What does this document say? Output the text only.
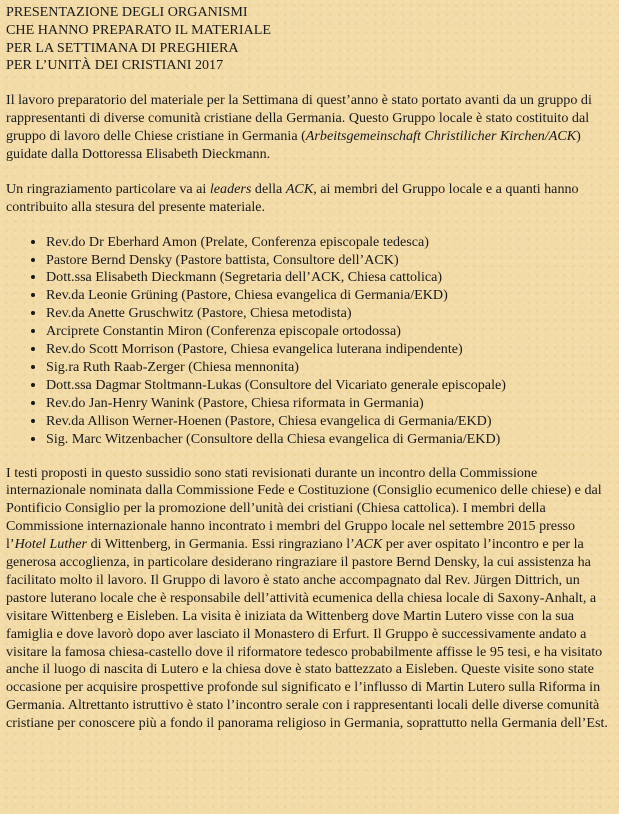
PRESENTAZIONE DEGLI ORGANISMI
CHE HANNO PREPARATO IL MATERIALE
PER LA SETTIMANA DI PREGHIERA
PER L’UNITÀ DEI CRISTIANI 2017

Il lavoro preparatorio del materiale per la Settimana di quest’anno è stato portato avanti da un gruppo di rappresentanti di diverse comunità cristiane della Germania. Questo Gruppo locale è stato costituito dal gruppo di lavoro delle Chiese cristiane in Germania (Arbeitsgemeinschaft Christilicher Kirchen/ACK) guidate dalla Dottoressa Elisabeth Dieckmann.

Un ringraziamento particolare va ai leaders della ACK, ai membri del Gruppo locale e a quanti hanno contribuito alla stesura del presente materiale.

• Rev.do Dr Eberhard Amon (Prelate, Conferenza episcopale tedesca)
• Pastore Bernd Densky (Pastore battista, Consultore dell’ACK)
• Dott.ssa Elisabeth Dieckmann (Segretaria dell’ACK, Chiesa cattolica)
• Rev.da Leonie Grüning (Pastore, Chiesa evangelica di Germania/EKD)
• Rev.da Anette Gruschwitz (Pastore, Chiesa metodista)
• Arciprete Constantin Miron (Conferenza episcopale ortodossa)
• Rev.do Scott Morrison (Pastore, Chiesa evangelica luterana indipendente)
• Sig.ra Ruth Raab-Zerger (Chiesa mennonita)
• Dott.ssa Dagmar Stoltmann-Lukas (Consultore del Vicariato generale episcopale)
• Rev.do Jan-Henry Wanink (Pastore, Chiesa riformata in Germania)
• Rev.da Allison Werner-Hoenen (Pastore, Chiesa evangelica di Germania/EKD)
• Sig. Marc Witzenbacher (Consultore della Chiesa evangelica di Germania/EKD)

I testi proposti in questo sussidio sono stati revisionati durante un incontro della Commissione internazionale nominata dalla Commissione Fede e Costituzione (Consiglio ecumenico delle chiese) e dal Pontificio Consiglio per la promozione dell’unità dei cristiani (Chiesa cattolica). I membri della Commissione internazionale hanno incontrato i membri del Gruppo locale nel settembre 2015 presso l’Hotel Luther di Wittenberg, in Germania. Essi ringraziano l’ACK per aver ospitato l’incontro e per la generosa accoglienza, in particolare desiderano ringraziare il pastore Bernd Densky, la cui assistenza ha facilitato molto il lavoro. Il Gruppo di lavoro è stato anche accompagnato dal Rev. Jürgen Dittrich, un pastore luterano locale che è responsabile dell’attività ecumenica della chiesa locale di Saxony-Anhalt, a visitare Wittenberg e Eisleben. La visita è iniziata da Wittenberg dove Martin Lutero visse con la sua famiglia e dove lavorò dopo aver lasciato il Monastero di Erfurt. Il Gruppo è successivamente andato a visitare la famosa chiesa-castello dove il riformatore tedesco probabilmente affisse le 95 tesi, e ha visitato anche il luogo di nascita di Lutero e la chiesa dove è stato battezzato a Eisleben. Queste visite sono state occasione per acquisire prospettive profonde sul significato e l’influsso di Martin Lutero sulla Riforma in Germania. Altrettanto istruttivo è stato l’incontro serale con i rappresentanti locali delle diverse comunità cristiane per conoscere più a fondo il panorama religioso in Germania, soprattutto nella Germania dell’Est.
